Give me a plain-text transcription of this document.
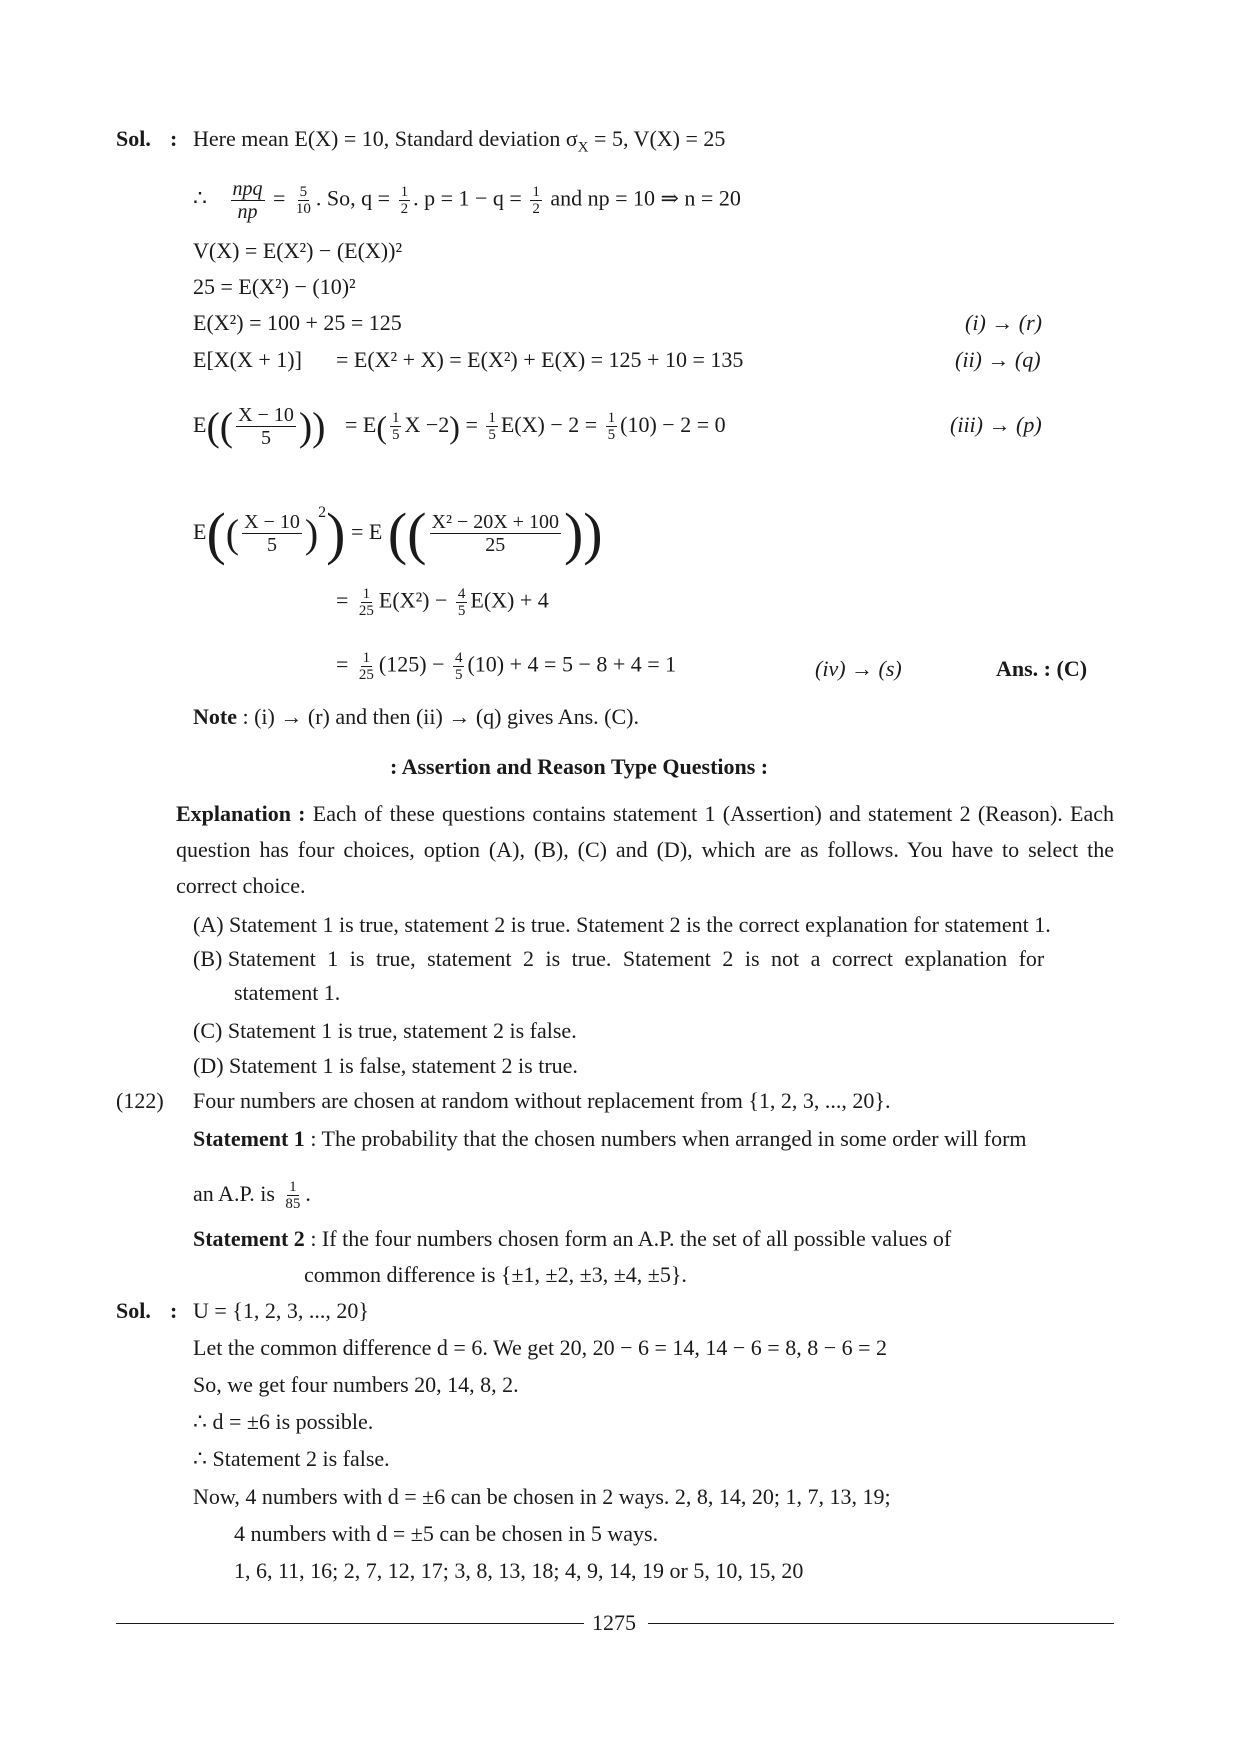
Sol. : Here mean E(X) = 10, Standard deviation $\sigma_X = 5$, V(X) = 25
∴ npq
np
= $\frac{5}{10}$ . So, $q = \frac{1}{2}$ . $p = 1 - q = \frac{1}{2}$ and np = 10 ⇒ n = 20
V(X) = E(X²) − (E(X))²
25 = E(X²) − (10)²
E(X²) = 100 + 25 = 125	(i) → (r)
E[X(X + 1)] = E(X² + X) = E(X²) + E(X) = 125 + 10 = 135	(ii) → (q)
$E(( \frac{X - 10}{5}$ )) = $E( \frac{1}{5}$ $X -2) = \frac{1}{5} E(X) - 2 = \frac{1}{5} (10) - 2 = 0$	(iii) → (p)
$E(( \frac{X - 10}{5} )^2) = E$ (( $\frac{\text{X² − 20X + 100}}{25}$ ))
= $\frac{1}{25} E(X^2) - \frac{4}{5} E(X) + 4$
= $\frac{1}{25} (125) - \frac{4}{5} (10) + 4 = 5 - 8 + 4 = 1$	(iv) → (s)	Ans. : (C)
Note : (i) → (r) and then (ii) → (q) gives Ans. (C).
: Assertion and Reason Type Questions :
Explanation : Each of these questions contains statement 1 (Assertion) and statement 2 (Reason). Each question has four choices, option (A), (B), (C) and (D), which are as follows. You have to select the correct choice.
(A) Statement 1 is true, statement 2 is true. Statement 2 is the correct explanation for statement 1.
(B) Statement 1 is true, statement 2 is true. Statement 2 is not a correct explanation for
statement 1.
(C) Statement 1 is true, statement 2 is false.
(D) Statement 1 is false, statement 2 is true.
(122) Four numbers are chosen at random without replacement from {1, 2, 3, ..., 20}.
Statement 1 : The probability that the chosen numbers when arranged in some order will form
an A.P. is $\frac{1}{85}$ .
Statement 2 : If the four numbers chosen form an A.P. the set of all possible values of
common difference is {±1, ±2, ±3, ±4, ±5}.
Sol. : U = {1, 2, 3, ..., 20}
Let the common difference d = 6. We get 20, 20 − 6 = 14, 14 − 6 = 8, 8 − 6 = 2
So, we get four numbers 20, 14, 8, 2.
∴ d = ±6 is possible.
∴ Statement 2 is false.
Now, 4 numbers with d = ±6 can be chosen in 2 ways. 2, 8, 14, 20; 1, 7, 13, 19;
4 numbers with d = ±5 can be chosen in 5 ways.
1, 6, 11, 16; 2, 7, 12, 17; 3, 8, 13, 18; 4, 9, 14, 19 or 5, 10, 15, 20
1275
